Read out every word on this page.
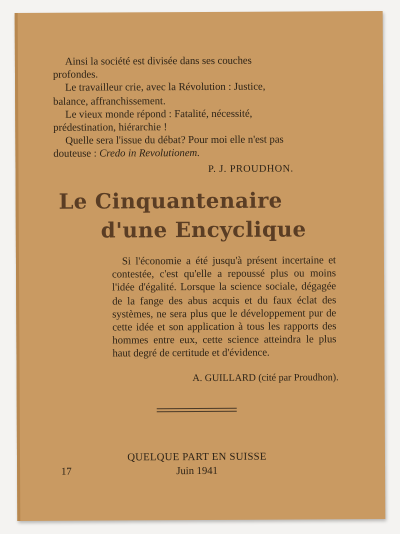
Ainsi la société est divisée dans ses couches profondes.

Le travailleur crie, avec la Révolution : Justice, balance, affranchissement.

Le vieux monde répond : Fatalité, nécessité, prédestination, hiérarchie !

Quelle sera l'issue du débat? Pour moi elle n'est pas douteuse : Credo in Revolutionem.

P. J. PROUDHON.
Le Cinquantenaire
d'une Encyclique

Si l'économie a été jusqu'à présent incertaine et contestée, c'est qu'elle a repoussé plus ou moins l'idée d'égalité. Lorsque la science sociale, dégagée de la fange des abus acquis et du faux éclat des systèmes, ne sera plus que le développement pur de cette idée et son application à tous les rapports des hommes entre eux, cette science atteindra le plus haut degré de certitude et d'évidence.

A. GUILLARD (cité par Proudhon).
17
QUELQUE PART EN SUISSE
Juin 1941
